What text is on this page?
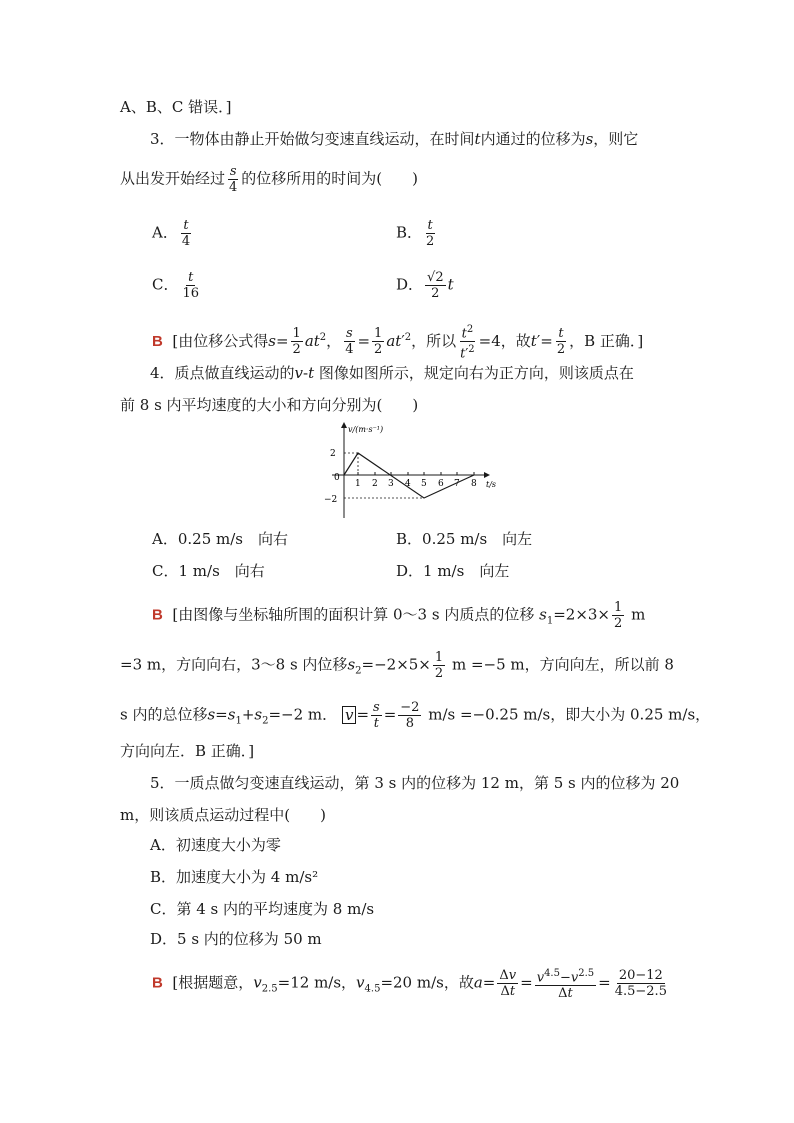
A、B、C 错误．]
3．一物体由静止开始做匀变速直线运动，在时间t内通过的位移为s，则它
从出发开始经过 $\frac{s}{4}$ 的位移所用的时间为(　　)
A． $\frac{t}{4}$	B． $\frac{t}{2}$
C． $\frac{t}{16}$	D． $\frac{√2}{2}$ t
B [由位移公式得$s= \frac{1}{2} at^2$， $\frac{s}{4} = \frac{1}{2} at'^2$，所以 $\frac{t^2}{t'^2} =4$，故$t'= \frac{t}{2}$ ，B 正确．]
4．质点做直线运动的v-t 图像如图所示，规定向右为正方向，则该质点在
前 8 s 内平均速度的大小和方向分别为(　　)
v/(m·s⁻¹)
t/s
2
0
−2
1 2 3 4 5 6 7 8
A．0.25 m/s　向右	B．0.25 m/s　向左
C．1 m/s　向右	D．1 m/s　向左
B [由图像与坐标轴所围的面积计算 0～3 s 内质点的位移 $s_1=2\times 3\times \frac{1}{2}$ m
=3 m，方向向右，3～8 s 内位移$s_2=-2\times 5\times \frac{1}{2}$ m =−5 m，方向向左，所以前 8
s 内的总位移$s=s_1+s_2=-2$ m． $v = \frac{s}{t} = \frac{-2}{8} m/s =-0.25$ m/s，即大小为 0.25 m/s，
方向向左．B 正确．]
5．一质点做匀变速直线运动，第 3 s 内的位移为 12 m，第 5 s 内的位移为 20
m，则该质点运动过程中(　　)
A．初速度大小为零
B．加速度大小为 4 m/s²
C．第 4 s 内的平均速度为 8 m/s
D．5 s 内的位移为 50 m
B [根据题意，$v_{2.5}=12$ m/s，$v_{4.5}=20$ m/s，故$a= \frac{\Delta v}{\Delta t} = \frac{v^{4.5}-v^{2.5}}{\Delta t} = \frac{20-12}{4.5-2.5}$
